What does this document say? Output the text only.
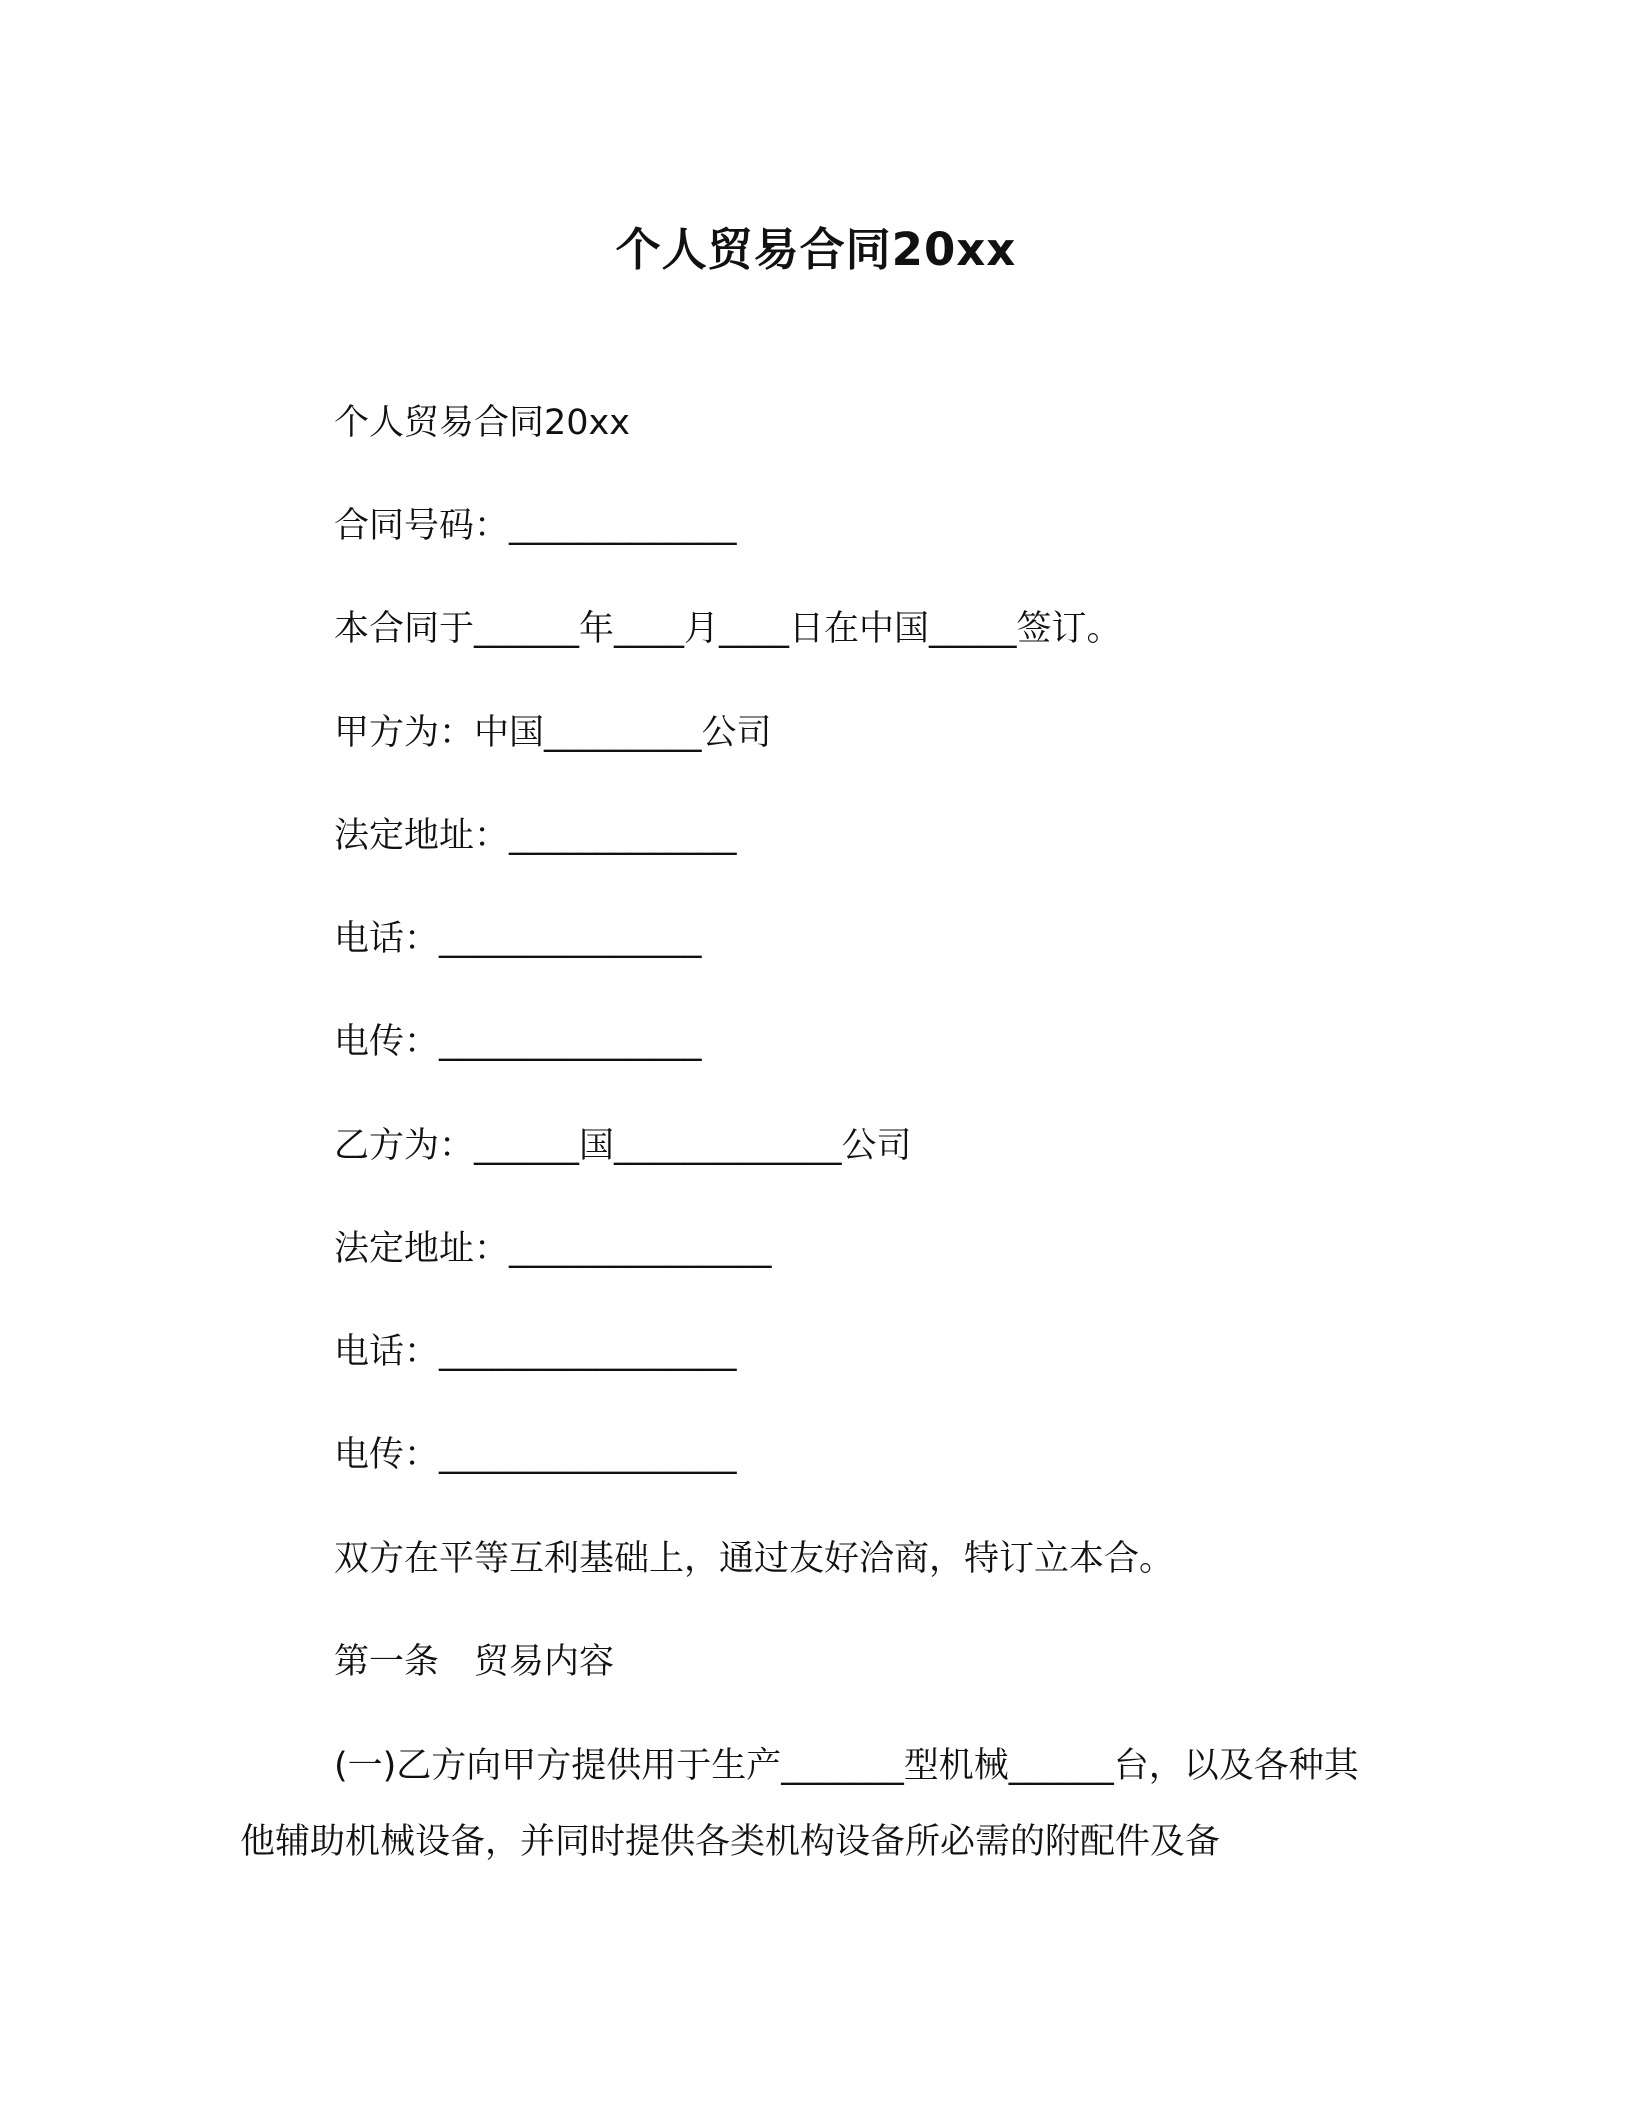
个人贸易合同20xx
个人贸易合同20xx
合同号码：_____________
本合同于______年____月____日在中国_____签订。
甲方为：中国_________公司
法定地址：_____________
电话：_______________
电传：_______________
乙方为：______国_____________公司
法定地址：_______________
电话：_________________
电传：_________________
双方在平等互利基础上，通过友好洽商，特订立本合。
第一条　贸易内容
(一)乙方向甲方提供用于生产_______型机械______台，以及各种其他辅助机械设备，并同时提供各类机构设备所必需的附配件及备
